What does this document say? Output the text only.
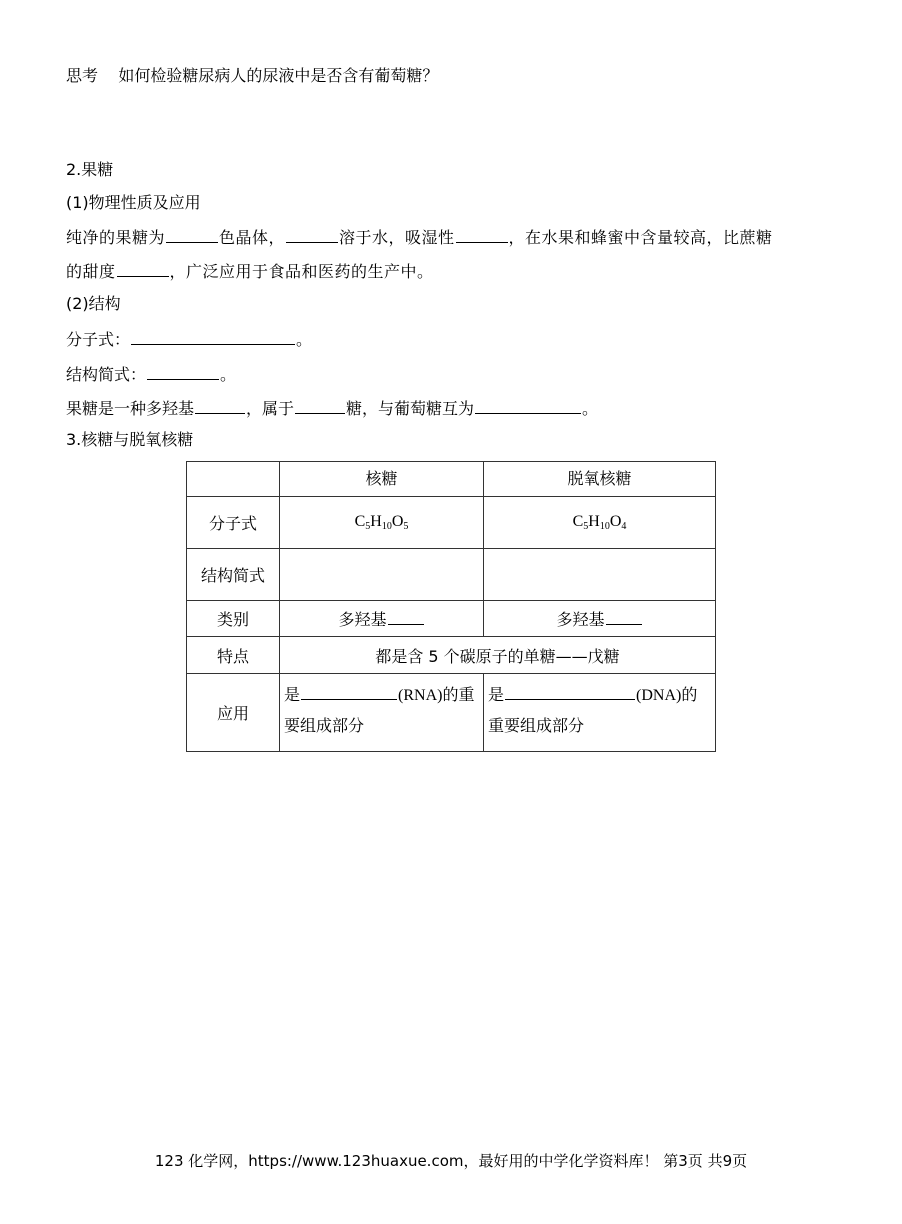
思考 如何检验糖尿病人的尿液中是否含有葡萄糖？
2.果糖
(1)物理性质及应用
纯净的果糖为	色晶体，	溶于水，吸湿性	，在水果和蜂蜜中含量较高，比蔗糖
的甜度	，广泛应用于食品和医药的生产中。
(2)结构
分子式：	。
结构简式：	。
果糖是一种多羟基	，属于	糖，与葡萄糖互为	。
3.核糖与脱氧核糖
	核糖	脱氧核糖
分子式	$C_5H_{10}O_5$	$C_5H_{10}O_4$
结构简式		
类别	多羟基	多羟基
特点	都是含 5 个碳原子的单糖——戊糖	
应用	是 (RNA)的重要组成部分	是 (DNA)的重要组成部分
123 化学网，https://www.123huaxue.com，最好用的中学化学资料库！ 第3页 共9页
